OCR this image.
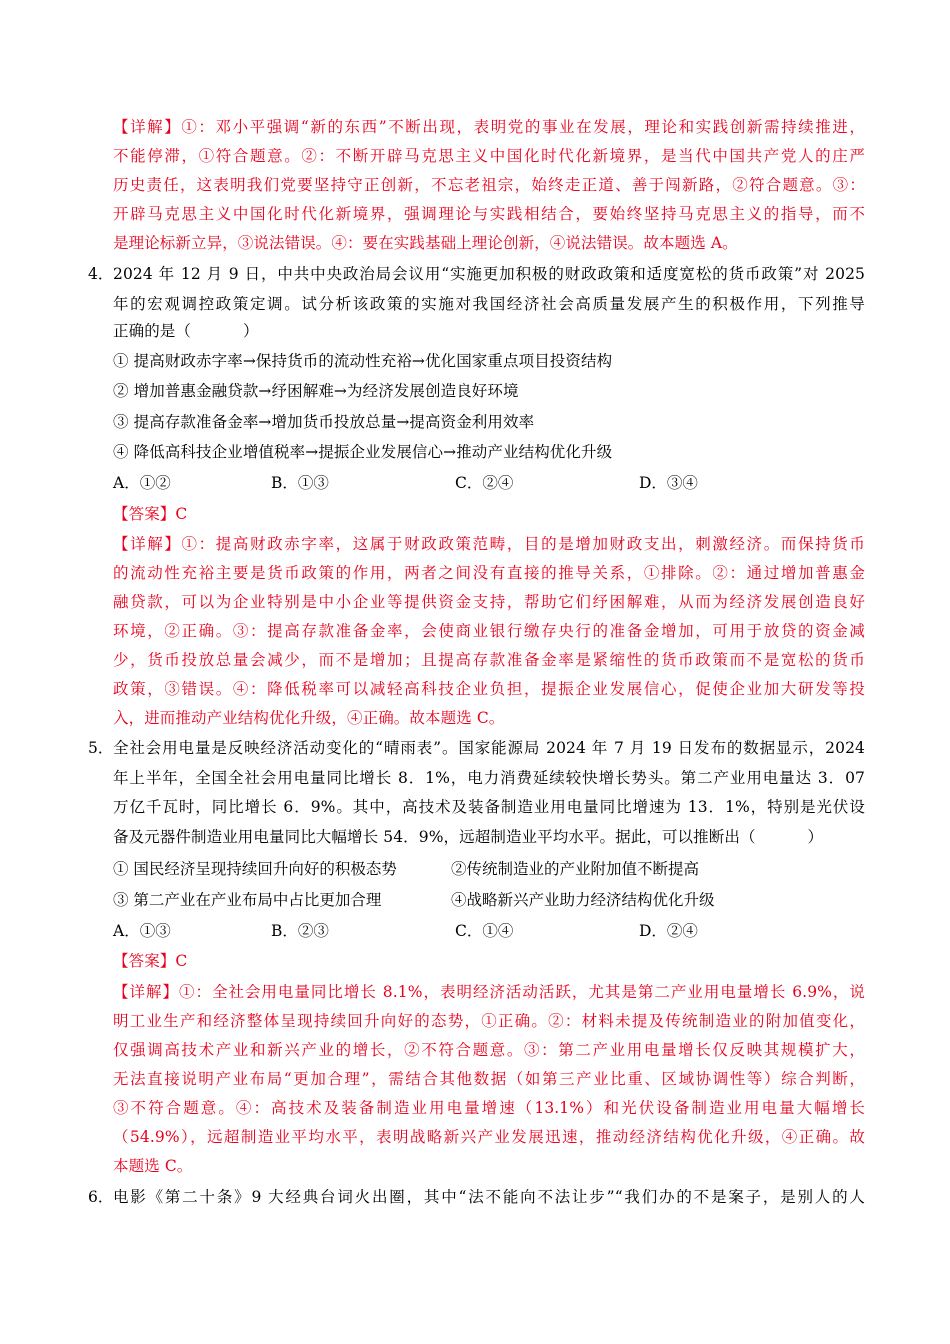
【详解】①：邓小平强调“新的东西”不断出现，表明党的事业在发展，理论和实践创新需持续推进，
不能停滞，①符合题意。②：不断开辟马克思主义中国化时代化新境界，是当代中国共产党人的庄严
历史责任，这表明我们党要坚持守正创新，不忘老祖宗，始终走正道、善于闯新路，②符合题意。③：
开辟马克思主义中国化时代化新境界，强调理论与实践相结合，要始终坚持马克思主义的指导，而不
是理论标新立异，③说法错误。④：要在实践基础上理论创新，④说法错误。故本题选 A。
4． 2024 年 12 月 9 日，中共中央政治局会议用“实施更加积极的财政政策和适度宽松的货币政策”对 2025
年的宏观调控政策定调。试分析该政策的实施对我国经济社会高质量发展产生的积极作用，下列推导
正确的是（	）
① 提高财政赤字率→保持货币的流动性充裕→优化国家重点项目投资结构
② 增加普惠金融贷款→纾困解难→为经济发展创造良好环境
③ 提高存款准备金率→增加货币投放总量→提高资金利用效率
④ 降低高科技企业增值税率→提振企业发展信心→推动产业结构优化升级
A．①②	B．①③	C．②④	D．③④
【答案】C
【详解】①：提高财政赤字率，这属于财政政策范畴，目的是增加财政支出，刺激经济。而保持货币
的流动性充裕主要是货币政策的作用，两者之间没有直接的推导关系，①排除。②：通过增加普惠金
融贷款，可以为企业特别是中小企业等提供资金支持，帮助它们纾困解难，从而为经济发展创造良好
环境，②正确。③：提高存款准备金率，会使商业银行缴存央行的准备金增加，可用于放贷的资金减
少，货币投放总量会减少，而不是增加；且提高存款准备金率是紧缩性的货币政策而不是宽松的货币
政策，③错误。④：降低税率可以减轻高科技企业负担，提振企业发展信心，促使企业加大研发等投
入，进而推动产业结构优化升级，④正确。故本题选 C。
5． 全社会用电量是反映经济活动变化的“晴雨表”。国家能源局 2024 年 7 月 19 日发布的数据显示，2024
年上半年，全国全社会用电量同比增长 8．1%，电力消费延续较快增长势头。第二产业用电量达 3．07
万亿千瓦时，同比增长 6．9%。其中，高技术及装备制造业用电量同比增速为 13．1%，特别是光伏设
备及元器件制造业用电量同比大幅增长 54．9%，远超制造业平均水平。据此，可以推断出（	）
① 国民经济呈现持续回升向好的积极态势	②传统制造业的产业附加值不断提高
③ 第二产业在产业布局中占比更加合理	④战略新兴产业助力经济结构优化升级
A．①③	B．②③	C．①④	D．②④
【答案】C
【详解】①：全社会用电量同比增长 8.1%，表明经济活动活跃，尤其是第二产业用电量增长 6.9%，说
明工业生产和经济整体呈现持续回升向好的态势，①正确。②：材料未提及传统制造业的附加值变化，
仅强调高技术产业和新兴产业的增长，②不符合题意。③：第二产业用电量增长仅反映其规模扩大，
无法直接说明产业布局“更加合理”，需结合其他数据（如第三产业比重、区域协调性等）综合判断，
③不符合题意。④：高技术及装备制造业用电量增速（13.1%）和光伏设备制造业用电量大幅增长
（54.9%），远超制造业平均水平，表明战略新兴产业发展迅速，推动经济结构优化升级，④正确。故
本题选 C。
6． 电影《第二十条》9 大经典台词火出圈，其中“法不能向不法让步”“我们办的不是案子，是别人的人
